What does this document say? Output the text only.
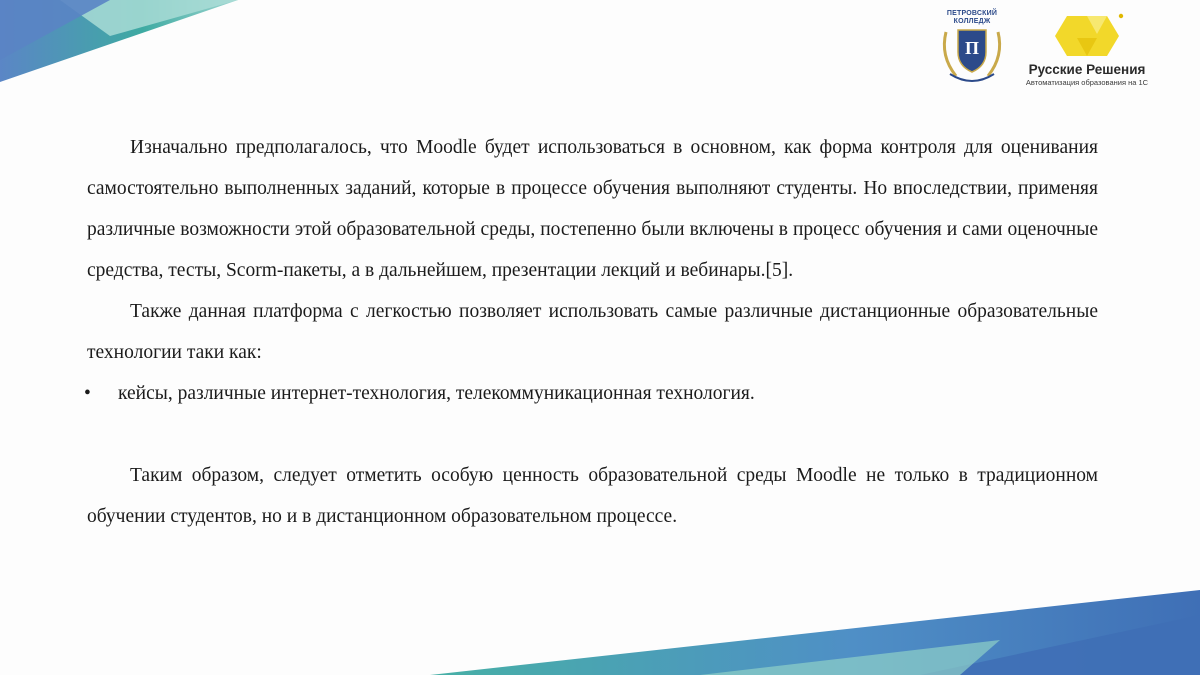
ПЕТРОВСКИЙ
КОЛЛЕДЖ
П
Русские Решения
Автоматизация образования на 1С

Изначально предполагалось, что Moodle будет использоваться в основном, как форма контроля для оценивания самостоятельно выполненных заданий, которые в процессе обучения выполняют студенты. Но впоследствии, применяя различные возможности этой образовательной среды, постепенно были включены в процесс обучения и сами оценочные средства, тесты, Scorm-пакеты, а в дальнейшем, презентации лекций и вебинары.[5].

Также данная платформа с легкостью позволяет использовать самые различные дистанционные образовательные технологии таки как:

•	кейсы, различные интернет-технология, телекоммуникационная технология.

Таким образом, следует отметить особую ценность образовательной среды Moodle не только в традиционном обучении студентов, но и в дистанционном образовательном процессе.
